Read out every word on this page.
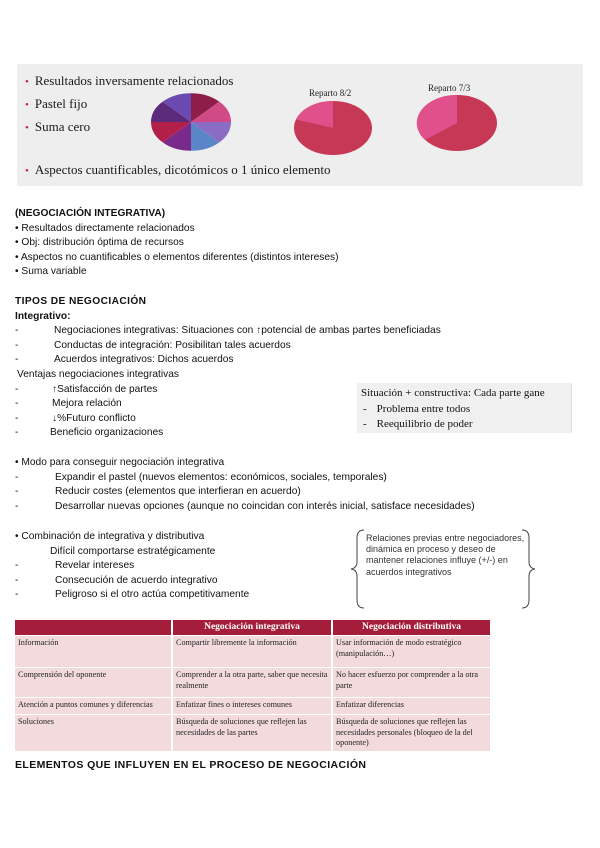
• Resultados inversamente relacionados
• Pastel fijo
• Suma cero
• Aspectos cuantificables, dicotómicos o 1 único elemento
Reparto 8/2	Reparto 7/3
(NEGOCIACIÓN INTEGRATIVA)
• Resultados directamente relacionados
• Obj: distribución óptima de recursos
• Aspectos no cuantificables o elementos diferentes (distintos intereses)
• Suma variable
TIPOS DE NEGOCIACIÓN
Integrativo:
-	Negociaciones integrativas: Situaciones con ↑potencial de ambas partes beneficiadas
-	Conductas de integración: Posibilitan tales acuerdos
-	Acuerdos integrativos: Dichos acuerdos
Ventajas negociaciones integrativas
-	↑Satisfacción de partes
-	Mejora relación
-	↓%Futuro conflicto
-	Beneficio organizaciones
Situación + constructiva: Cada parte gane
- Problema entre todos
- Reequilibrio de poder
• Modo para conseguir negociación integrativa
-	Expandir el pastel (nuevos elementos: económicos, sociales, temporales)
-	Reducir costes (elementos que interfieran en acuerdo)
-	Desarrollar nuevas opciones (aunque no coincidan con interés inicial, satisface necesidades)
• Combinación de integrativa y distributiva
Difícil comportarse estratégicamente
-	Revelar intereses
-	Consecución de acuerdo integrativo
-	Peligroso si el otro actúa competitivamente
Relaciones previas entre negociadores, dinámica en proceso y deseo de mantener relaciones influye (+/-) en acuerdos integrativos
	Negociación integrativa	Negociación distributiva
Información	Compartir libremente la información	Usar información de modo estratégico (manipulación…)
Comprensión del oponente	Comprender a la otra parte, saber que necesita realmente	No hacer esfuerzo por comprender a la otra parte
Atención a puntos comunes y diferencias	Enfatizar fines o intereses comunes	Enfatizar diferencias
Soluciones	Búsqueda de soluciones que reflejen las necesidades de las partes	Búsqueda de soluciones que reflejen las necesidades personales (bloqueo de la del oponente)
ELEMENTOS QUE INFLUYEN EN EL PROCESO DE NEGOCIACIÓN
